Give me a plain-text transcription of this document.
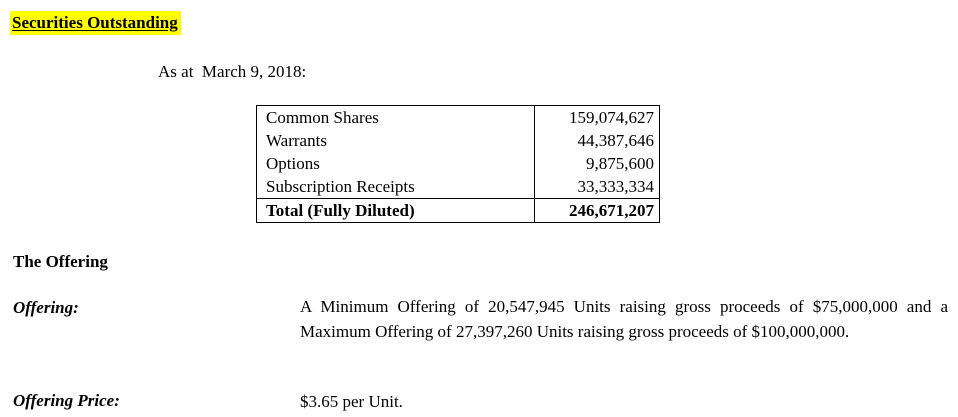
Securities Outstanding
As at  March 9, 2018:
Common Shares	159,074,627
Warrants	44,387,646
Options	9,875,600
Subscription Receipts	33,333,334
Total (Fully Diluted)	246,671,207
The Offering
Offering:	A Minimum Offering of 20,547,945 Units raising gross proceeds of $75,000,000 and a Maximum Offering of 27,397,260 Units raising gross proceeds of $100,000,000.
Offering Price:	$3.65 per Unit.
